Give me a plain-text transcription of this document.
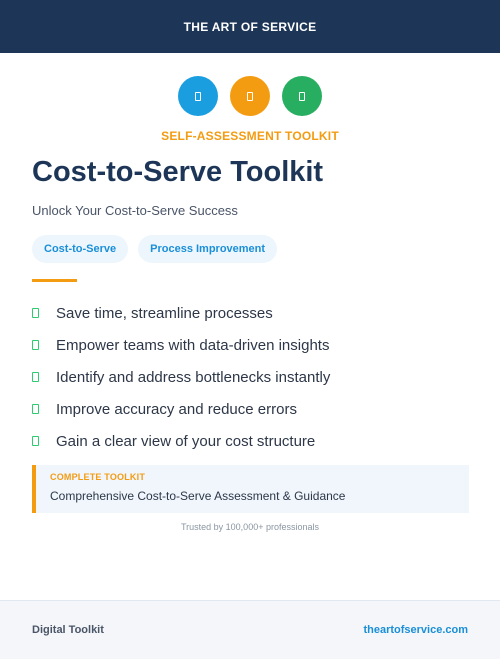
THE ART OF SERVICE
SELF-ASSESSMENT TOOLKIT
Cost-to-Serve Toolkit
Unlock Your Cost-to-Serve Success
Cost-to-Serve	Process Improvement
Save time, streamline processes
Empower teams with data-driven insights
Identify and address bottlenecks instantly
Improve accuracy and reduce errors
Gain a clear view of your cost structure
COMPLETE TOOLKIT
Comprehensive Cost-to-Serve Assessment & Guidance
Trusted by 100,000+ professionals
Digital Toolkit	theartofservice.com
